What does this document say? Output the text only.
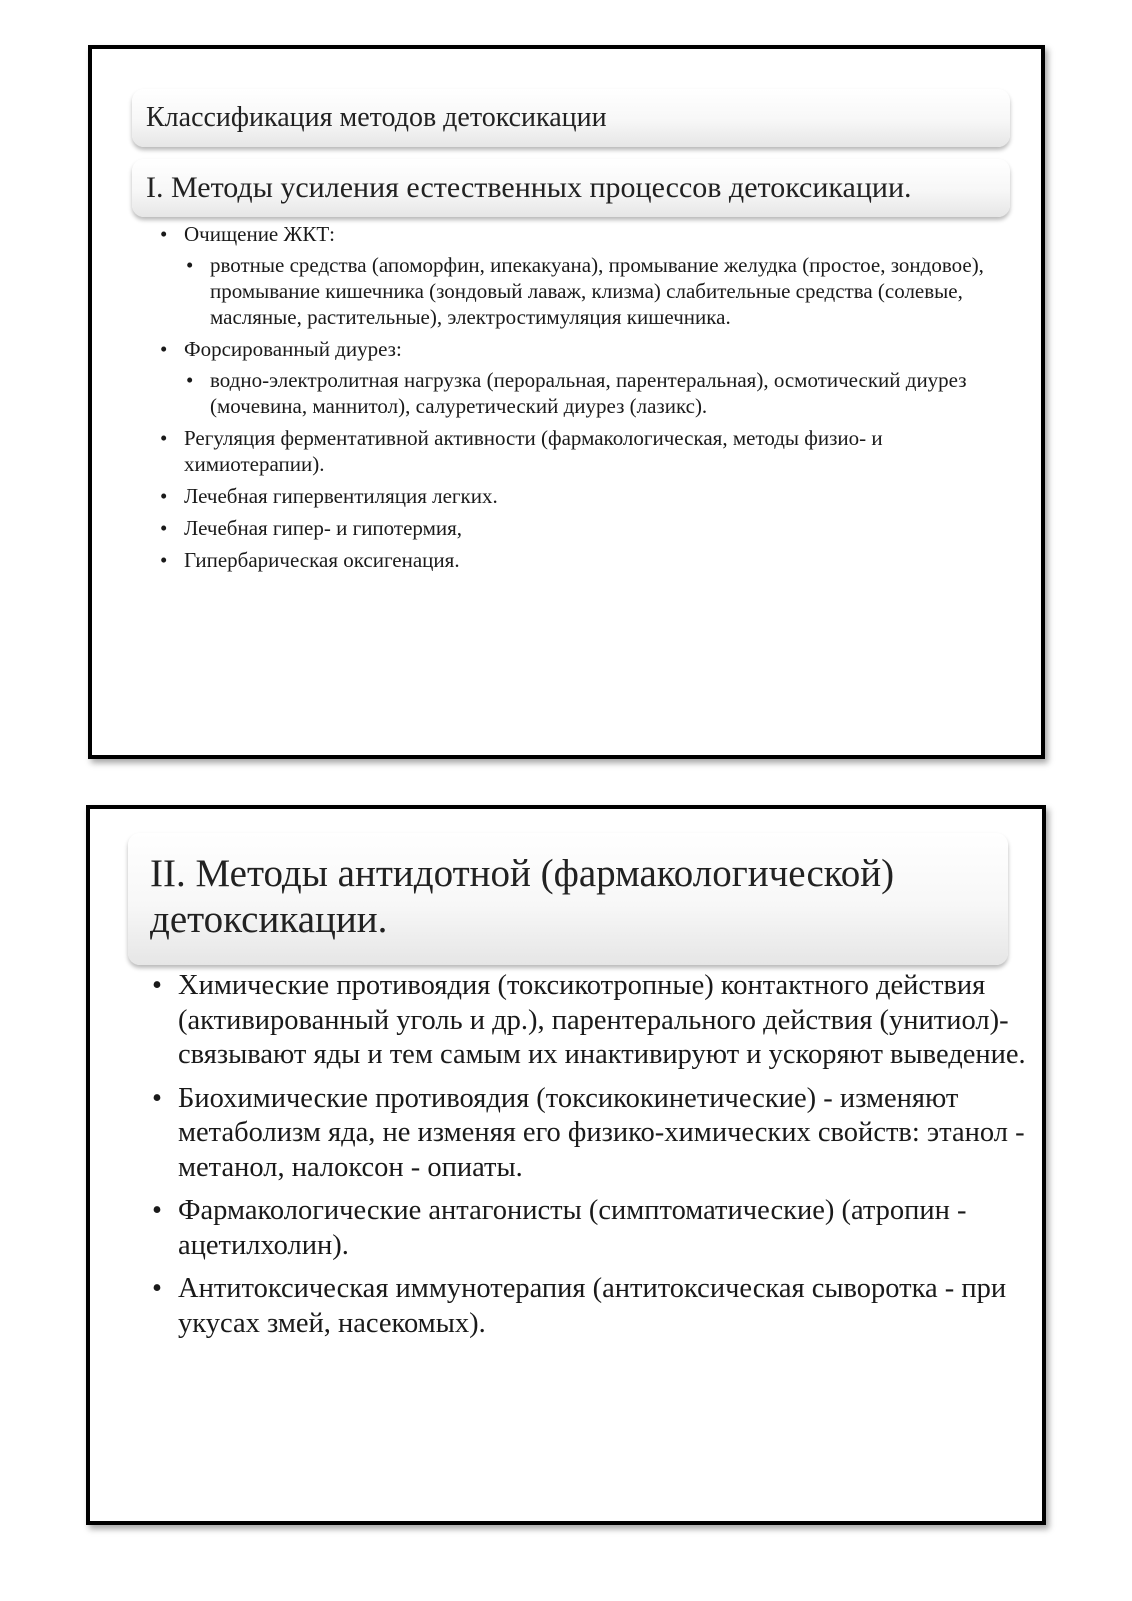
Классификация методов детоксикации
I. Методы усиления естественных процессов детоксикации.
• Очищение ЖКТ:
• рвотные средства (апоморфин, ипекакуана), промывание желудка (простое, зондовое), промывание кишечника (зондовый лаваж, клизма) слабительные средства (солевые, масляные, растительные), электростимуляция кишечника.
• Форсированный диурез:
• водно-электролитная нагрузка (пероральная, парентеральная), осмотический диурез (мочевина, маннитол), салуретический диурез (лазикс).
• Регуляция ферментативной активности (фармакологическая, методы физио- и химиотерапии).
• Лечебная гипервентиляция легких.
• Лечебная гипер- и гипотермия,
• Гипербарическая оксигенация.
II. Методы антидотной (фармакологической) детоксикации.
• Химические противоядия (токсикотропные) контактного действия (активированный уголь и др.), парентерального действия (унитиол)- связывают яды и тем самым их инактивируют и ускоряют выведение.
• Биохимические противоядия (токсикокинетические) - изменяют метаболизм яда, не изменяя его физико-химических свойств: этанол - метанол, налоксон - опиаты.
• Фармакологические антагонисты (симптоматические) (атропин - ацетилхолин).
• Антитоксическая иммунотерапия (антитоксическая сыворотка - при укусах змей, насекомых).
